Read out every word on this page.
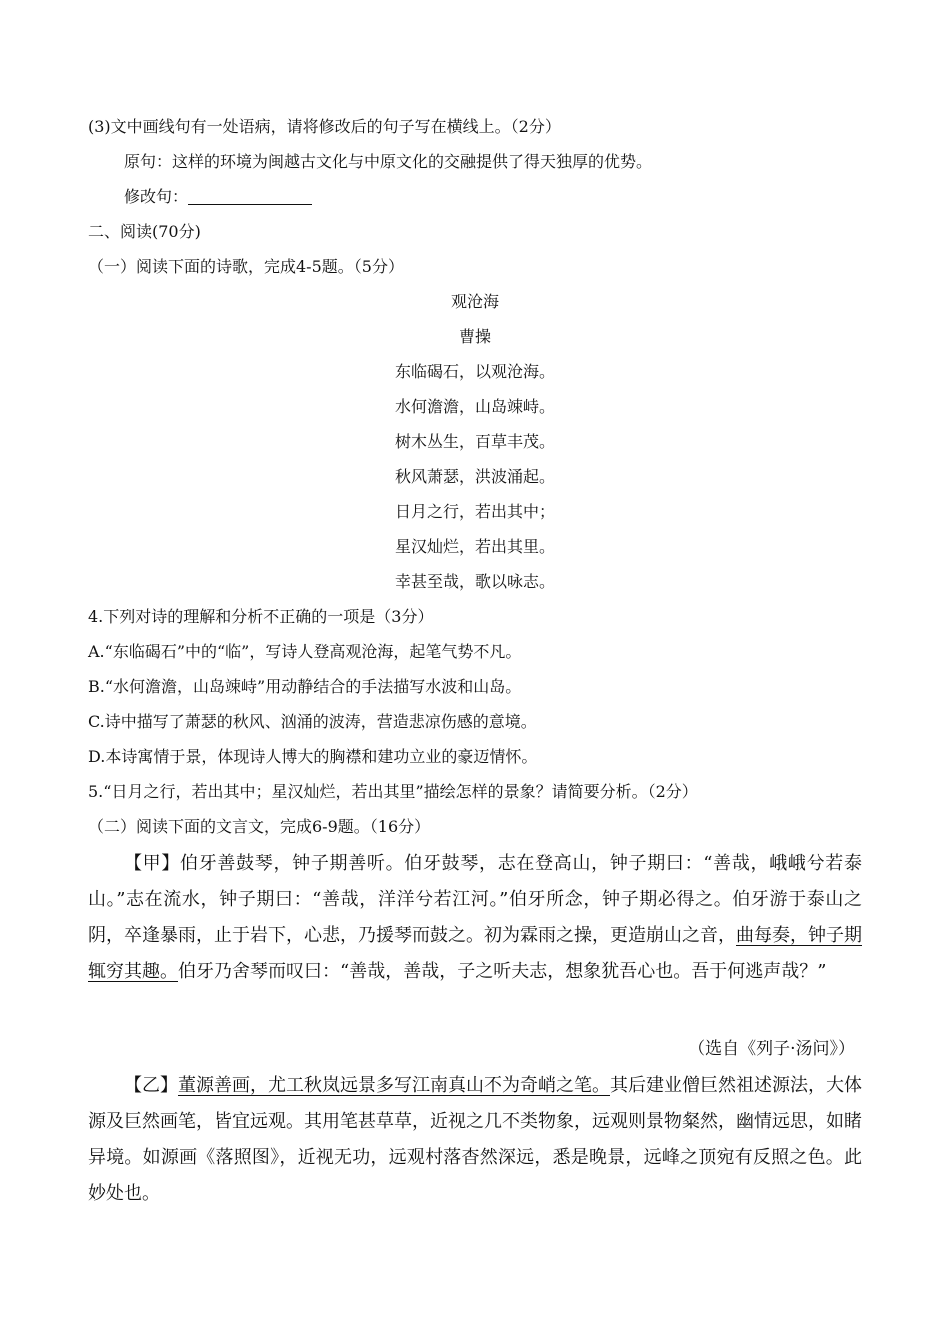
(3)文中画线句有一处语病，请将修改后的句子写在横线上。（2分）
原句：这样的环境为闽越古文化与中原文化的交融提供了得天独厚的优势。
修改句：
二、阅读(70分)
（一）阅读下面的诗歌，完成4-5题。（5分）
观沧海
曹操
东临碣石，以观沧海。
水何澹澹，山岛竦峙。
树木丛生，百草丰茂。
秋风萧瑟，洪波涌起。
日月之行，若出其中；
星汉灿烂，若出其里。
幸甚至哉，歌以咏志。
4.下列对诗的理解和分析不正确的一项是（3分）
A.“东临碣石”中的“临”，写诗人登高观沧海，起笔气势不凡。
B.“水何澹澹，山岛竦峙”用动静结合的手法描写水波和山岛。
C.诗中描写了萧瑟的秋风、汹涌的波涛，营造悲凉伤感的意境。
D.本诗寓情于景，体现诗人博大的胸襟和建功立业的豪迈情怀。
5.“日月之行，若出其中；星汉灿烂，若出其里”描绘怎样的景象？请简要分析。（2分）
（二）阅读下面的文言文，完成6-9题。（16分）

【甲】伯牙善鼓琴，钟子期善听。伯牙鼓琴，志在登高山，钟子期曰：“善哉，峨峨兮若泰山。”志在流水，钟子期曰：“善哉，洋洋兮若江河。”伯牙所念，钟子期必得之。伯牙游于泰山之阴，卒逢暴雨，止于岩下，心悲，乃援琴而鼓之。初为霖雨之操，更造崩山之音，曲每奏，钟子期辄穷其趣。伯牙乃舍琴而叹曰：“善哉，善哉，子之听夫志，想象犹吾心也。吾于何逃声哉？”

（选自《列子·汤问》）

【乙】董源善画，尤工秋岚远景多写江南真山不为奇峭之笔。其后建业僧巨然祖述源法，大体源及巨然画笔，皆宜远观。其用笔甚草草，近视之几不类物象，远观则景物粲然，幽情远思，如睹异境。如源画《落照图》，近视无功，远观村落杳然深远，悉是晚景，远峰之顶宛有反照之色。此妙处也。
